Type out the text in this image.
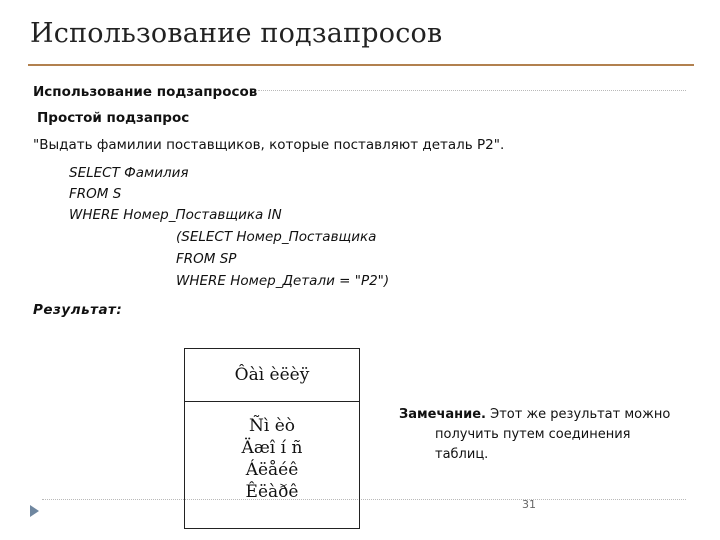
Использование подзапросов
Использование подзапросов
Простой подзапрос
"Выдать фамилии поставщиков, которые поставляют деталь P2".
SELECT Фамилия
FROM S
WHERE Номер_Поставщика IN
(SELECT Номер_Поставщика
FROM SP
WHERE Номер_Детали = "P2")
Результат:
Ôàì èëèÿ
Ñì èò
Äæî í ñ
Áëåéê
Êëàðê
Замечание. Этот же результат можно
получить путем соединения
таблиц.
31
